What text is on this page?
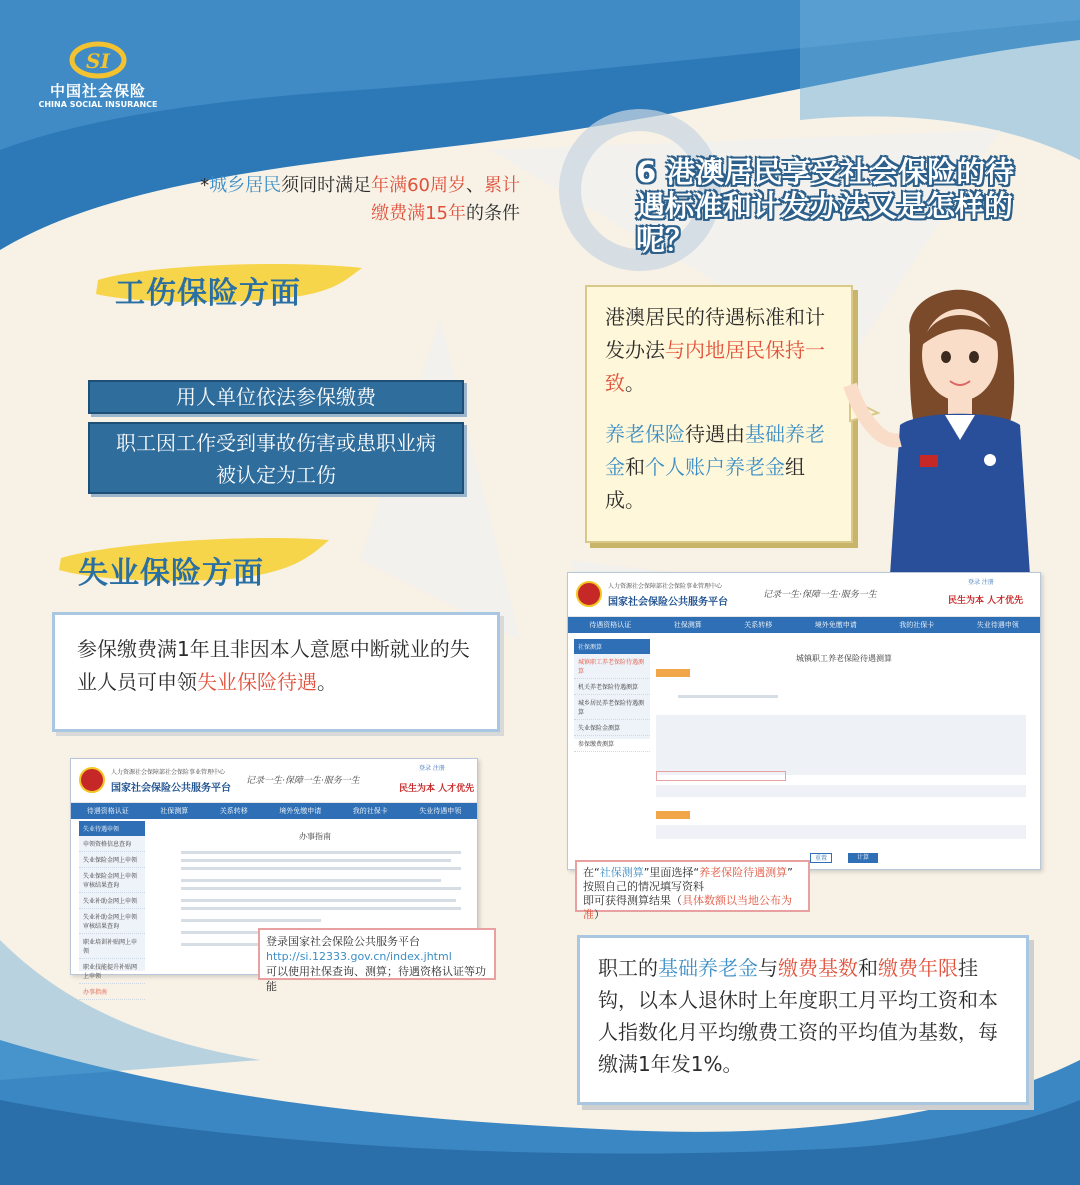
SI
中国社会保险
CHINA SOCIAL INSURANCE
*城乡居民须同时满足年满60周岁、累计缴费满15年的条件
6 港澳居民享受社会保险的待遇标准和计发办法又是怎样的呢？
工伤保险方面
用人单位依法参保缴费
职工因工作受到事故伤害或患职业病
被认定为工伤
失业保险方面
参保缴费满1年且非因本人意愿中断就业的失业人员可申领失业保险待遇。
港澳居民的待遇标准和计发办法与内地居民保持一致。
养老保险待遇由基础养老金和个人账户养老金组成。
人力资源社会保障部社会保险事业管理中心
国家社会保险公共服务平台
记录一生·保障一生·服务一生
民生为本 人才优先
登录 注册
待遇资格认证	社保测算	关系转移	境外免缴申请	我的社保卡	失业待遇申领
失业待遇申领
申领资格信息查询
失业保险金网上申领
失业保险金网上申领审核结果查询
失业补助金网上申领
失业补助金网上申领审核结果查询
职业培训补贴网上申领
职业技能提升补贴网上申领
办事指南
办事指南
登录国家社会保险公共服务平台
http://si.12333.gov.cn/index.jhtml
可以使用社保查询、测算；待遇资格认证等功能
人力资源社会保障部社会保险事业管理中心
国家社会保险公共服务平台
记录一生·保障一生·服务一生
民生为本 人才优先
登录 注册
待遇资格认证	社保测算	关系转移	境外免缴申请	我的社保卡	失业待遇申领
社保测算
城镇职工养老保险待遇测算
机关养老保险待遇测算
城乡居民养老保险待遇测算
失业保险金测算
参保缴费测算
城镇职工养老保险待遇测算
重置	计算
在“社保测算”里面选择“养老保险待遇测算”
按照自己的情况填写资料
即可获得测算结果（具体数额以当地公布为准）
职工的基础养老金与缴费基数和缴费年限挂钩，以本人退休时上年度职工月平均工资和本人指数化月平均缴费工资的平均值为基数，每缴满1年发1%。
